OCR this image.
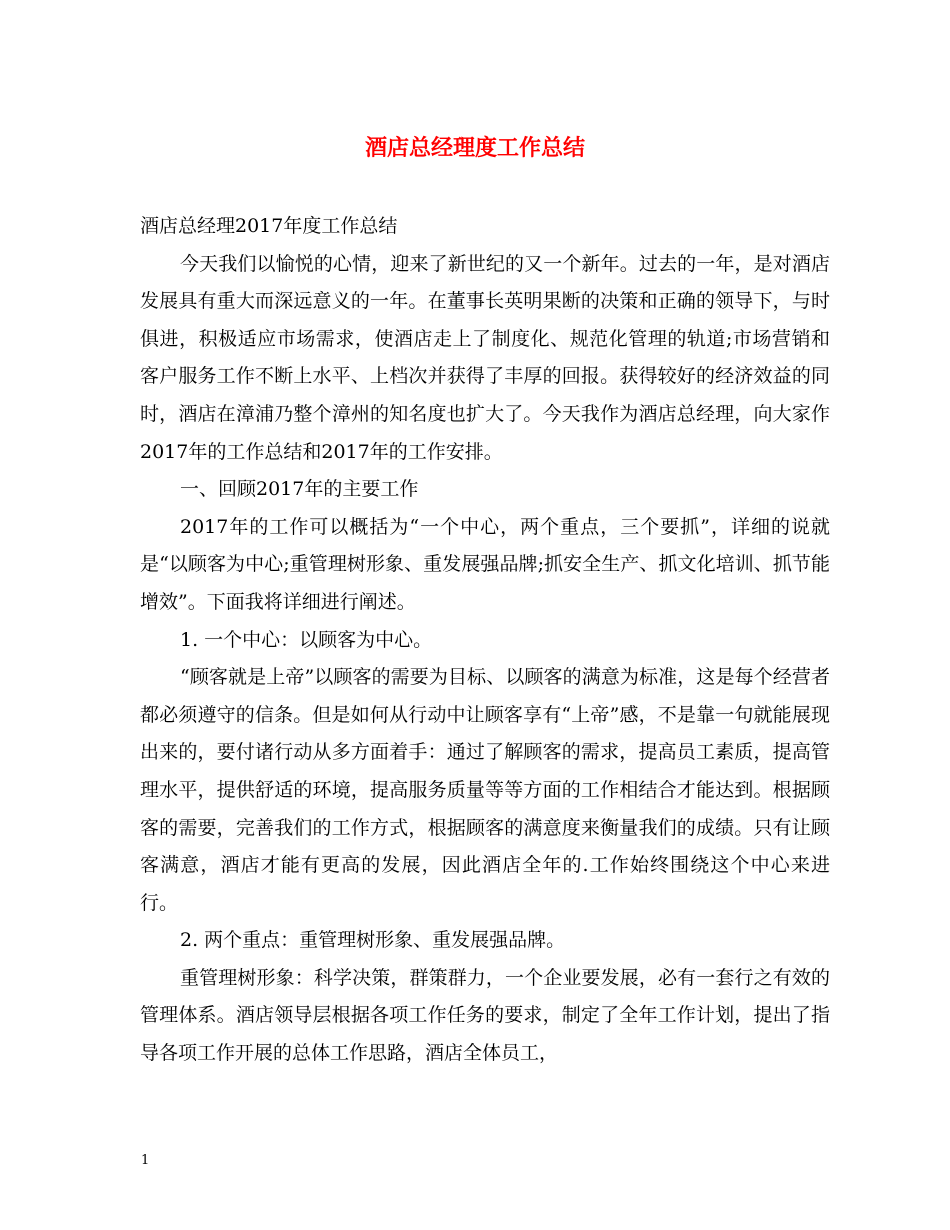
酒店总经理度工作总结

酒店总经理2017年度工作总结

今天我们以愉悦的心情，迎来了新世纪的又一个新年。过去的一年，是对酒店发展具有重大而深远意义的一年。在董事长英明果断的决策和正确的领导下，与时俱进，积极适应市场需求，使酒店走上了制度化、规范化管理的轨道;市场营销和客户服务工作不断上水平、上档次并获得了丰厚的回报。获得较好的经济效益的同时，酒店在漳浦乃整个漳州的知名度也扩大了。今天我作为酒店总经理，向大家作2017年的工作总结和2017年的工作安排。

一、回顾2017年的主要工作

2017年的工作可以概括为“一个中心，两个重点，三个要抓”，详细的说就是“以顾客为中心;重管理树形象、重发展强品牌;抓安全生产、抓文化培训、抓节能增效”。下面我将详细进行阐述。

1. 一个中心：以顾客为中心。

“顾客就是上帝”以顾客的需要为目标、以顾客的满意为标准，这是每个经营者都必须遵守的信条。但是如何从行动中让顾客享有“上帝”感，不是靠一句就能展现出来的，要付诸行动从多方面着手：通过了解顾客的需求，提高员工素质，提高管理水平，提供舒适的环境，提高服务质量等等方面的工作相结合才能达到。根据顾客的需要，完善我们的工作方式，根据顾客的满意度来衡量我们的成绩。只有让顾客满意，酒店才能有更高的发展，因此酒店全年的.工作始终围绕这个中心来进行。

2. 两个重点：重管理树形象、重发展强品牌。

重管理树形象：科学决策，群策群力，一个企业要发展，必有一套行之有效的管理体系。酒店领导层根据各项工作任务的要求，制定了全年工作计划，提出了指导各项工作开展的总体工作思路，酒店全体员工，

1
